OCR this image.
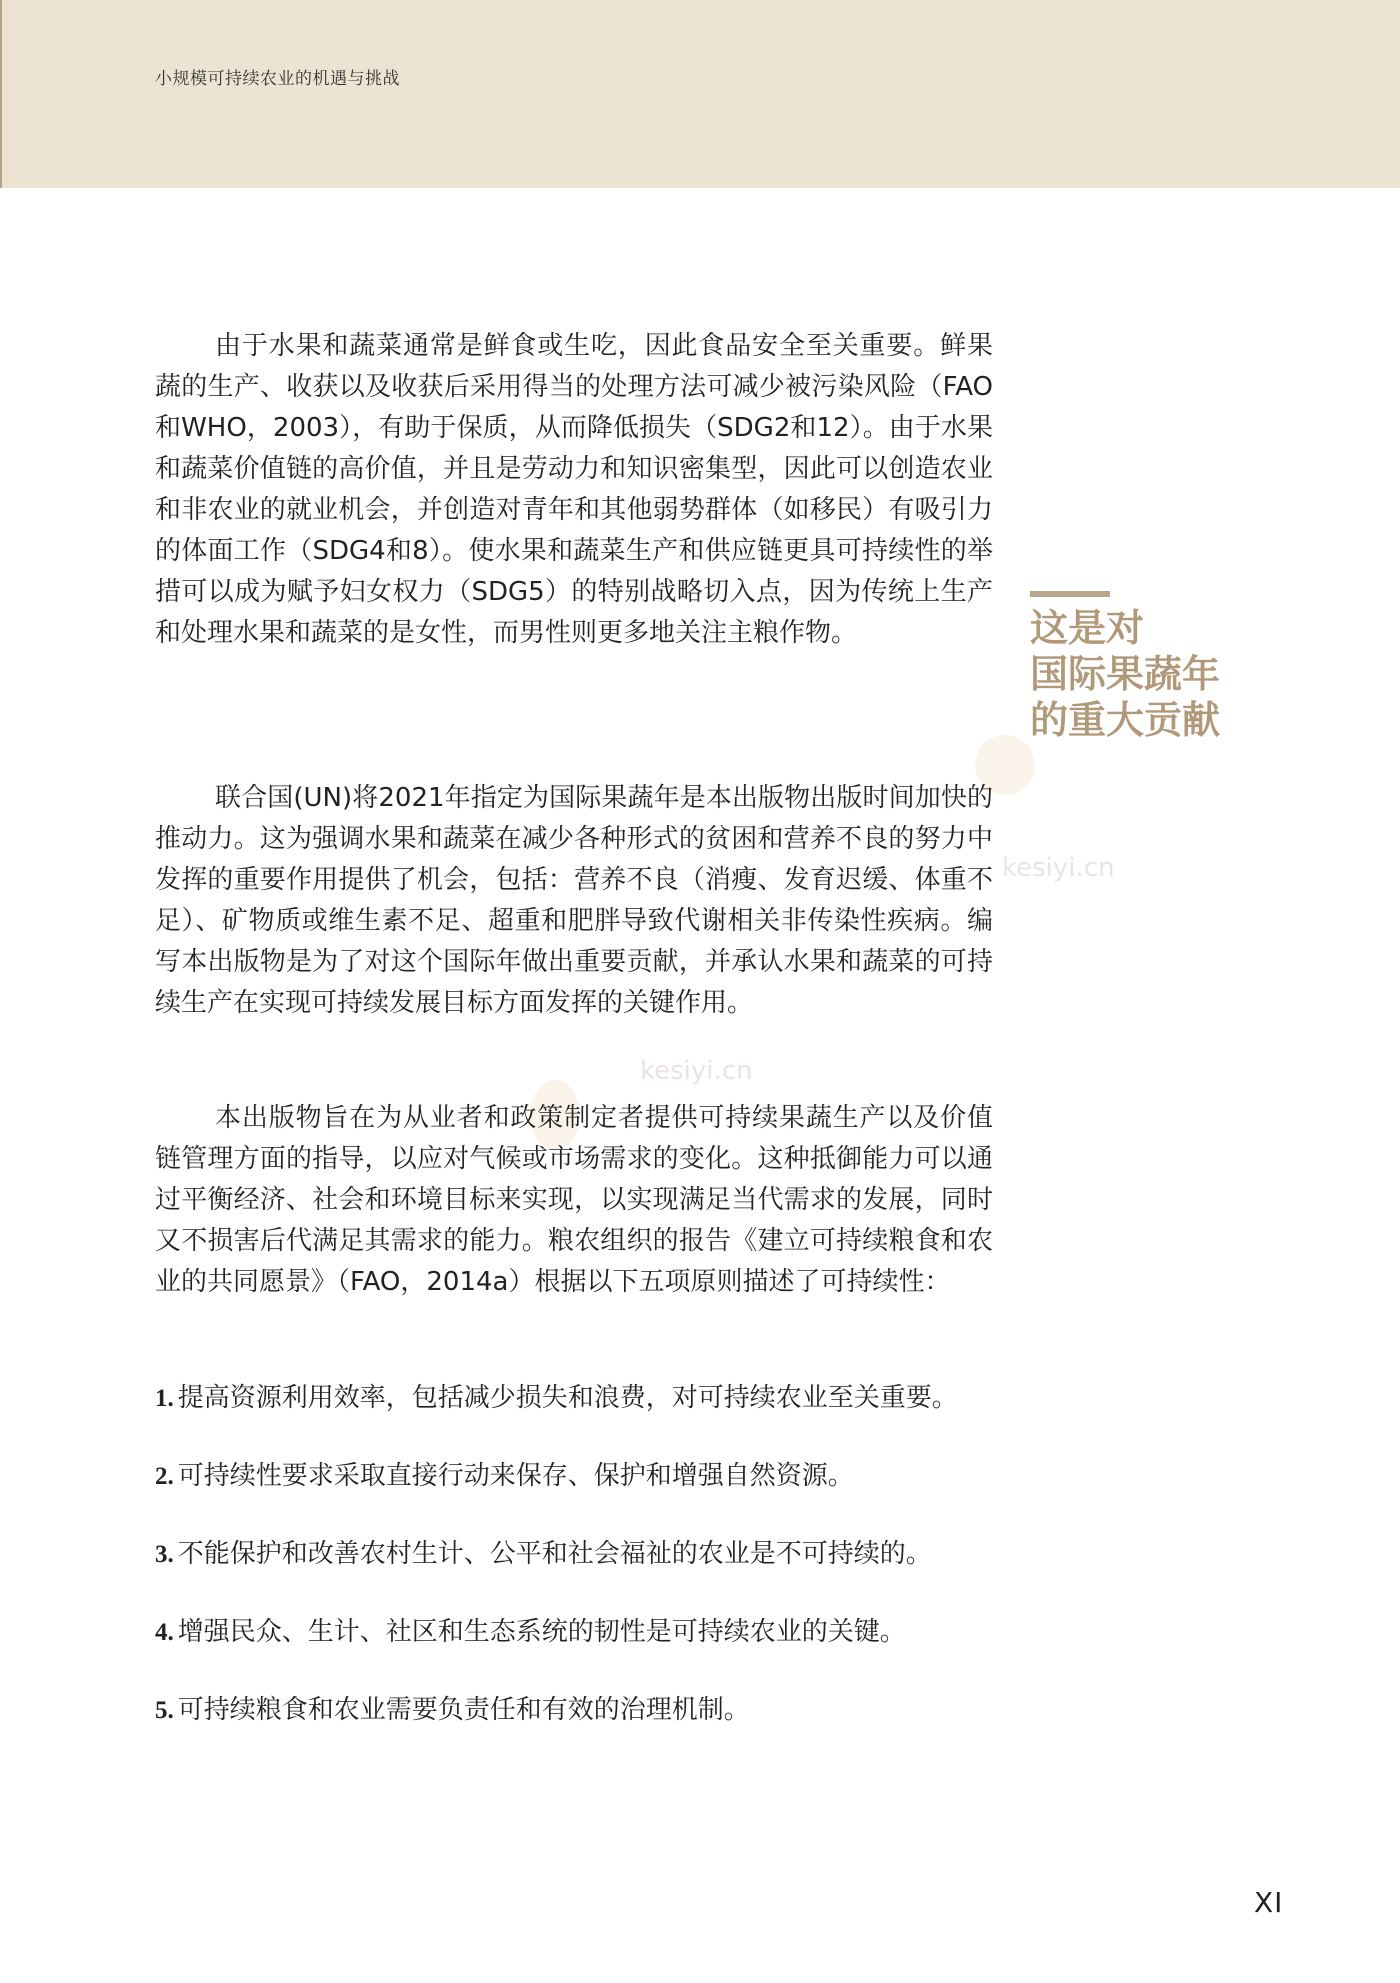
小规模可持续农业的机遇与挑战
kesiyi.cn
kesiyi.cn

由于水果和蔬菜通常是鲜食或生吃，因此食品安全至关重要。鲜果蔬的生产、收获以及收获后采用得当的处理方法可减少被污染风险（FAO和WHO，2003），有助于保质，从而降低损失（SDG2和12）。由于水果和蔬菜价值链的高价值，并且是劳动力和知识密集型，因此可以创造农业和非农业的就业机会，并创造对青年和其他弱势群体（如移民）有吸引力的体面工作（SDG4和8）。使水果和蔬菜生产和供应链更具可持续性的举措可以成为赋予妇女权力（SDG5）的特别战略切入点，因为传统上生产和处理水果和蔬菜的是女性，而男性则更多地关注主粮作物。

联合国(UN)将2021年指定为国际果蔬年是本出版物出版时间加快的推动力。这为强调水果和蔬菜在减少各种形式的贫困和营养不良的努力中发挥的重要作用提供了机会，包括：营养不良（消瘦、发育迟缓、体重不足）、矿物质或维生素不足、超重和肥胖导致代谢相关非传染性疾病。编写本出版物是为了对这个国际年做出重要贡献，并承认水果和蔬菜的可持续生产在实现可持续发展目标方面发挥的关键作用。

本出版物旨在为从业者和政策制定者提供可持续果蔬生产以及价值链管理方面的指导，以应对气候或市场需求的变化。这种抵御能力可以通过平衡经济、社会和环境目标来实现，以实现满足当代需求的发展，同时又不损害后代满足其需求的能力。粮农组织的报告《建立可持续粮食和农业的共同愿景》（FAO，2014a）根据以下五项原则描述了可持续性：

这是对
国际果蔬年
的重大贡献
1. 提高资源利用效率，包括减少损失和浪费，对可持续农业至关重要。
2. 可持续性要求采取直接行动来保存、保护和增强自然资源。
3. 不能保护和改善农村生计、公平和社会福祉的农业是不可持续的。
4. 增强民众、生计、社区和生态系统的韧性是可持续农业的关键。
5. 可持续粮食和农业需要负责任和有效的治理机制。
XI
